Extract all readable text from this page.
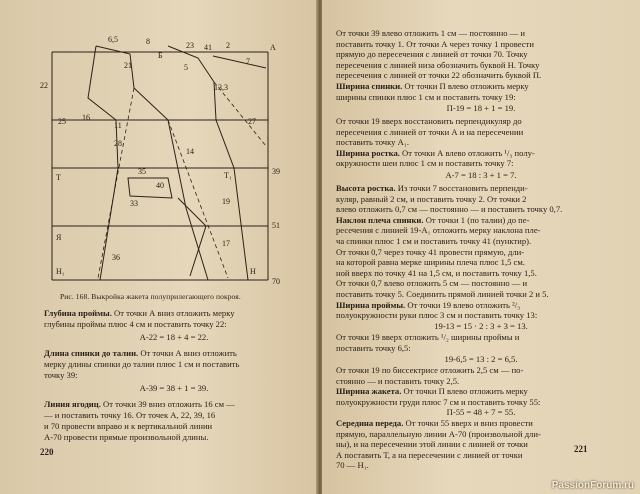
6,5
22
21
25	27
11
16
7
28
2
8	23
5
Б
A
Т	T₁	39
35
14
51
19
33
Я
H₁	H
70
13,3
41
40
17
36
Рис. 168. Выкройка жакета полуприлегающего покроя.
Глубина проймы. От точки А вниз отложить мерку
глубины проймы плюс 4 см и поставить точку 22:
А-22 = 18 + 4 = 22.
Длина спинки до талии. От точки А вниз отложить
мерку длины спинки до талии плюс 1 см и поставить
точку 39:
А-39 = 38 + 1 = 39.
Линия ягодиц. От точки 39 вниз отложить 16 см —
— и поставить точку 16. От точек А, 22, 39, 16
и 70 провести вправо и к вертикальной линии
А-70 провести прямые произвольной длины.
220
От точки 39 влево отложить 1 см — постоянно — и
поставить точку 1. От точки А через точку 1 провести
прямую до пересечения с линией от точки 70. Точку
пересечения с линией низа обозначить буквой Н. Точку
пересечения с линией от точки 22 обозначить буквой П.
Ширина спинки. От точки П влево отложить мерку
ширины спинки плюс 1 см и поставить точку 19:
П-19 = 18 + 1 = 19.
От точки 19 вверх восстановить перпендикуляр до
пересечения с линией от точки А и на пересечении
поставить точку А₁.
Ширина ростка. От точки А влево отложить ¹/₃ полу-
окружности шеи плюс 1 см и поставить точку 7:
А-7 = 18 : 3 + 1 = 7.
Высота ростка. Из точки 7 восстановить перпенди-
куляр, равный 2 см, и поставить точку 2. От точки 2
влево отложить 0,7 см — постоянно — и поставить точку 0,7.
Наклон плеча спинки. От точки 1 (по талии) до пе-
ресечения с линией 19-А₁ отложить мерку наклона пле-
ча спинки плюс 1 см и поставить точку 41 (пунктир).
От точки 0,7 через точку 41 провести прямую, дли-
на которой равна мерке ширины плеча плюс 1,5 см.
ной вверх по точку 41 на 1,5 см, и поставить точку 1,5.
От точки 0,7 влево отложить 5 см — постоянно — и
поставить точку 5. Соединить прямой линией точки 2 и 5.
Ширина проймы. От точки 19 влево отложить ²/₃
полуокружности руки плюс 3 см и поставить точку 13:
19-13 = 15 · 2 : 3 + 3 = 13.
От точки 19 вверх отложить ¹/₂ ширины проймы и
поставить точку 6,5:
19-6,5 = 13 : 2 = 6,5.
От точки 19 по биссектрисе отложить 2,5 см — по-
стоянно — и поставить точку 2,5.
Ширина жакета. От точки П влево отложить мерку
полуокружности груди плюс 7 см и поставить точку 55:
П-55 = 48 + 7 = 55.
Середина переда. От точки 55 вверх и вниз провести
прямую, параллельную линии А-70 (произвольной дли-
ны), и на пересечении этой линии с линией от точки
А поставить Т, а на пересечении с линией от точки
70 — H₁.
221
PassionForum.ru
